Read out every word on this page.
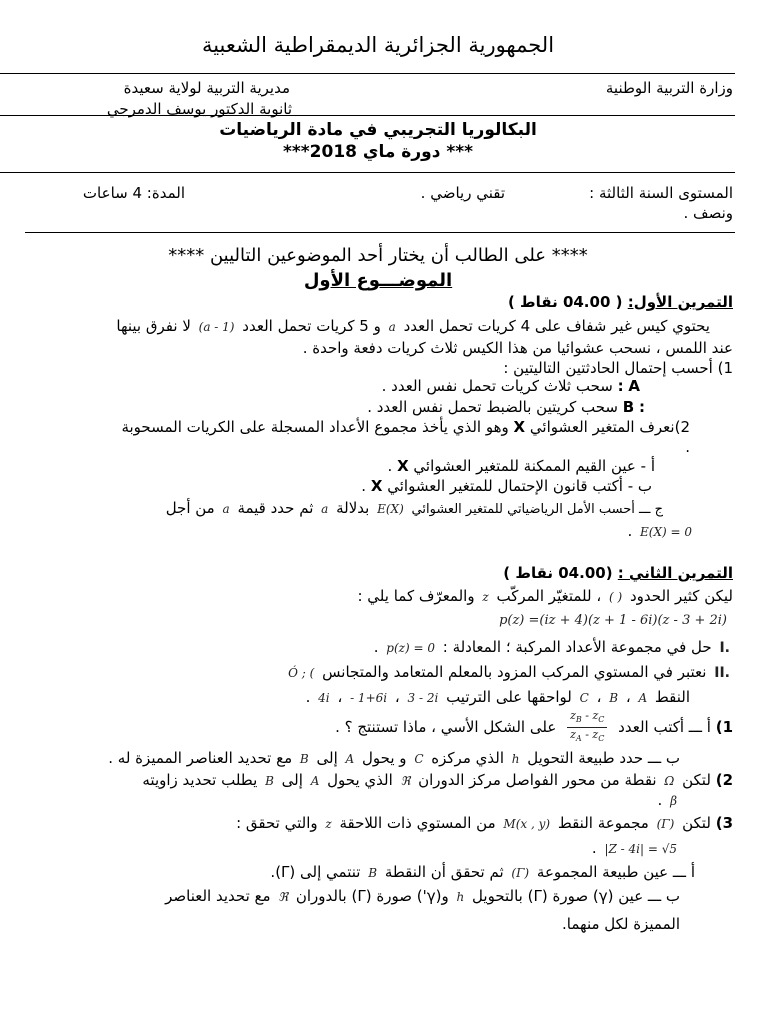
الجمهورية الجزائرية الديمقراطية الشعبية
وزارة التربية الوطنية
مديرية التربية لولاية سعيدة
ثانوية الدكتور يوسف الدمرجي
البكالوريا التجريبي في مادة الرياضيات
*** دورة ماي 2018***
المستوى السنة الثالثة :
تقني رياضي .
المدة: 4 ساعات
ونصف .
**** على الطالب أن يختار أحد الموضوعين التاليين ****
الموضـــوع الأول
التمرين الأول: ( 04.00 نقاط )
يحتوي كيس غير شفاف على 4 كريات تحمل العدد a و 5 كريات تحمل العدد (a - 1) لا نفرق بينها
عند اللمس ، نسحب عشوائيا من هذا الكيس ثلاث كريات دفعة واحدة .
1) أحسب إحتمال الحادثتين التاليتين :
A : سحب ثلاث كريات تحمل نفس العدد .
: B سحب كريتين بالضبط تحمل نفس العدد .
2)نعرف المتغير العشوائي X وهو الذي يأخذ مجموع الأعداد المسجلة على الكريات المسحوبة
.
أ - عين القيم الممكنة للمتغير العشوائي X .
ب - أكتب قانون الإحتمال للمتغير العشوائي X .
ج ـــ أحسب الأمل الرياضياتي للمتغير العشوائي E(X) بدلالة a ثم حدد قيمة a من أجل
E(X) = 0 .
التمرين الثاني : (04.00 نقاط )
ليكن كثير الحدود ( ) ، للمتغيّر المركّب z والمعرّف كما يلي :
p(z) =(iz + 4)(z + 1 - 6i)(z - 3 + 2i)
I. حل في مجموعة الأعداد المركبة ؛ المعادلة : p(z) = 0 .
II. نعتبر في المستوي المركب المزود بالمعلم المتعامد والمتجانس Ó ; (
النقط A ، B ، C لواحقها على الترتيب 3 - 2i ، - 1+6i ، 4i .
1) أ ـــ أكتب العدد
$\frac{z_B - z_C}{z_A - z_C}$
على الشكل الأسي ، ماذا تستنتج ؟ .
ب ـــ حدد طبيعة التحويل h الذي مركزه C و يحول A إلى B مع تحديد العناصر المميزة له .
2) لتكن Ω نقطة من محور الفواصل مركز الدوران ℜ الذي يحول A إلى B يطلب تحديد زاويته
β .
3) لتكن (Γ) مجموعة النقط M(x , y) من المستوي ذات اللاحقة z والتي تحقق :
|Z - 4i| = √5 .
أ ـــ عين طبيعة المجموعة (Γ) ثم تحقق أن النقطة B تنتمي إلى (Γ).
ب ـــ عين (γ) صورة (Γ) بالتحويل h و(γ') صورة (Γ) بالدوران ℜ مع تحديد العناصر
المميزة لكل منهما.
